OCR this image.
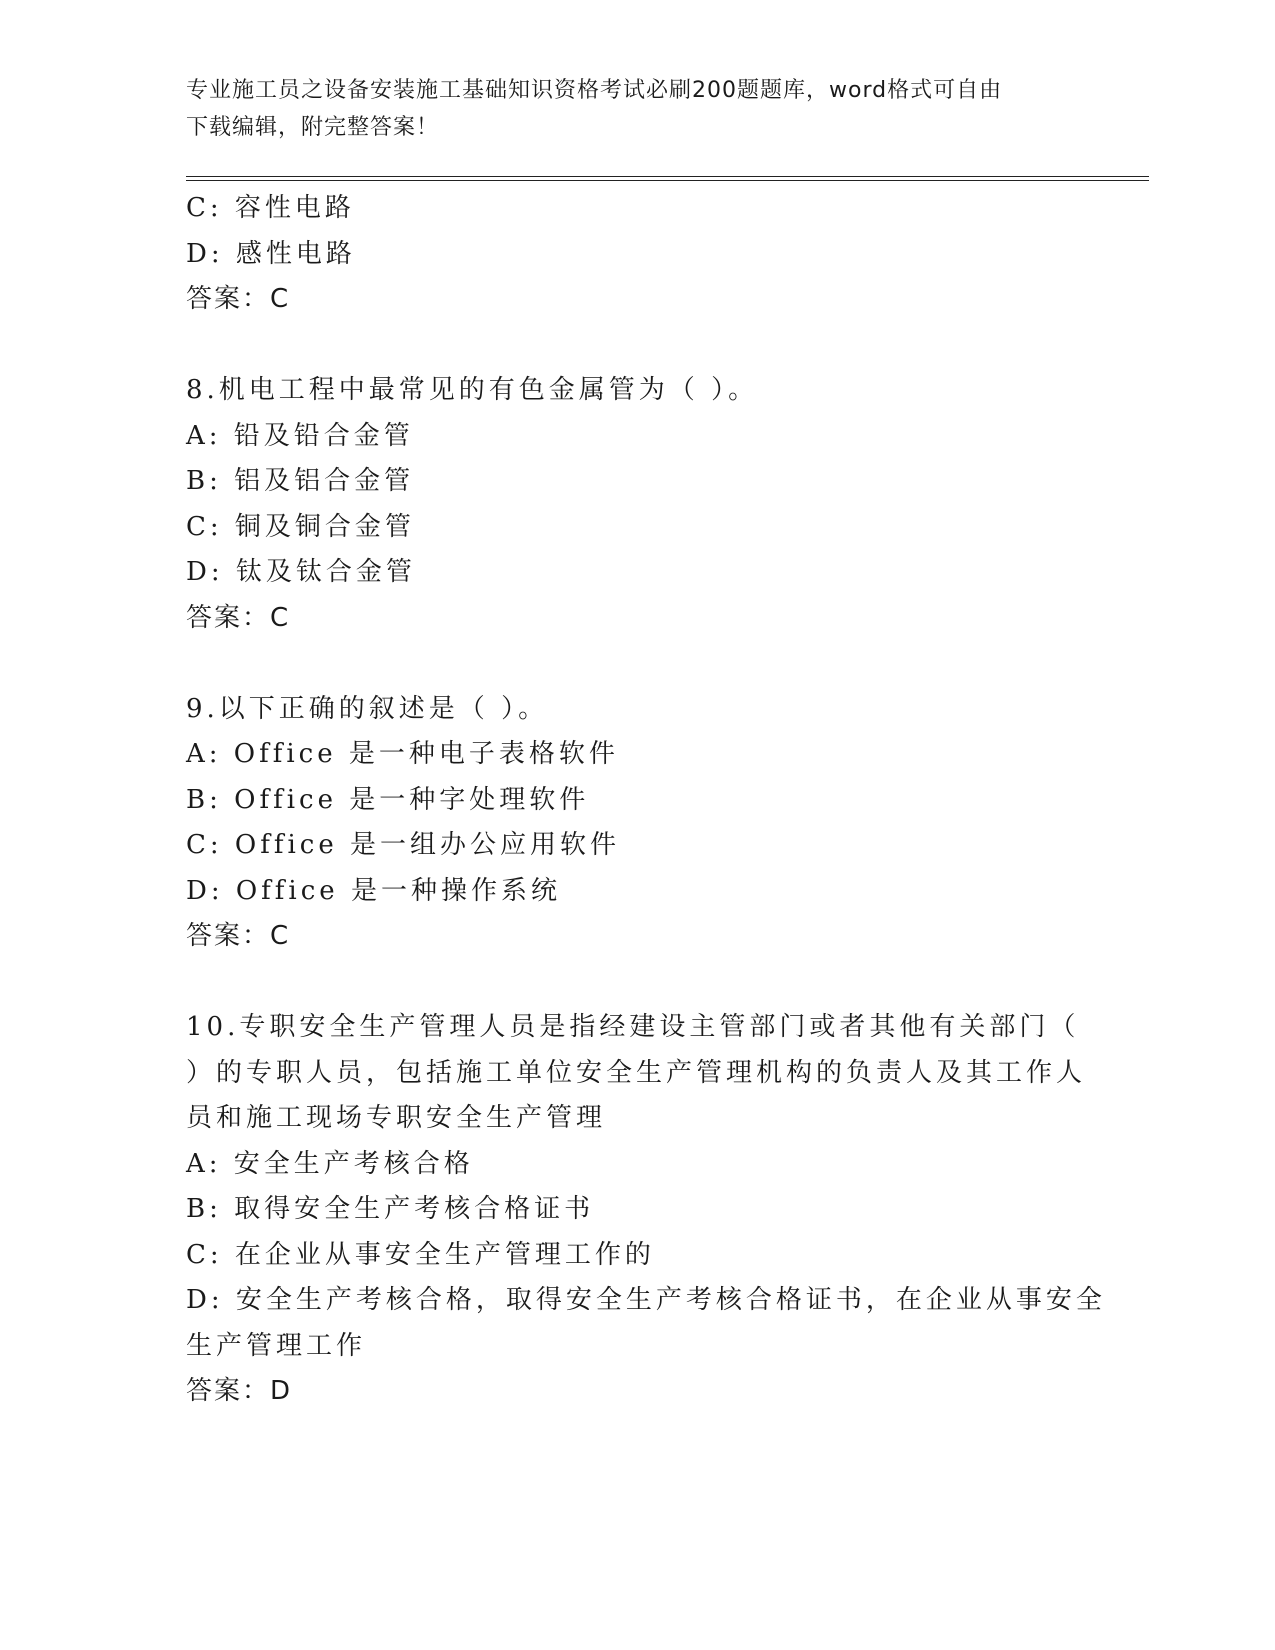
专业施工员之设备安装施工基础知识资格考试必刷200题题库，word格式可自由
下载编辑，附完整答案！
C: 容性电路
D: 感性电路
答案：C
8.机电工程中最常见的有色金属管为（ ）。
A: 铅及铅合金管
B: 铝及铝合金管
C: 铜及铜合金管
D: 钛及钛合金管
答案：C
9.以下正确的叙述是（ ）。
A: Office 是一种电子表格软件
B: Office 是一种字处理软件
C: Office 是一组办公应用软件
D: Office 是一种操作系统
答案：C
10.专职安全生产管理人员是指经建设主管部门或者其他有关部门（
）的专职人员，包括施工单位安全生产管理机构的负责人及其工作人
员和施工现场专职安全生产管理
A: 安全生产考核合格
B: 取得安全生产考核合格证书
C: 在企业从事安全生产管理工作的
D: 安全生产考核合格，取得安全生产考核合格证书，在企业从事安全
生产管理工作
答案：D
